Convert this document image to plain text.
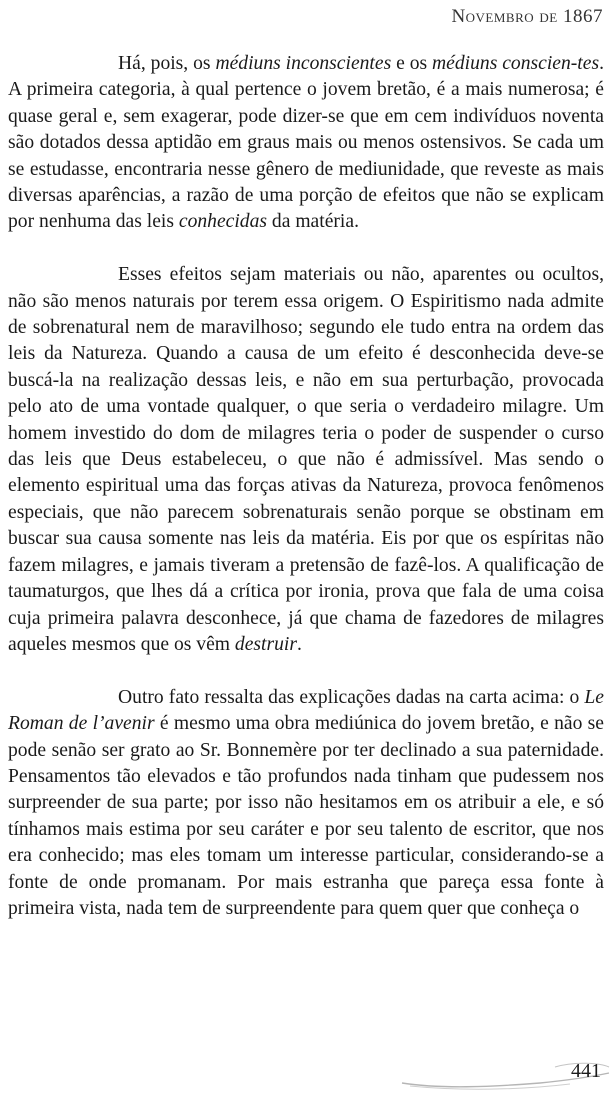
Novembro de 1867

Há, pois, os médiuns inconscientes e os médiuns conscien-tes. A primeira categoria, à qual pertence o jovem bretão, é a mais numerosa; é quase geral e, sem exagerar, pode dizer-se que em cem indivíduos noventa são dotados dessa aptidão em graus mais ou menos ostensivos. Se cada um se estudasse, encontraria nesse gênero de mediunidade, que reveste as mais diversas aparências, a razão de uma porção de efeitos que não se explicam por nenhuma das leis conhecidas da matéria.

Esses efeitos sejam materiais ou não, aparentes ou ocultos, não são menos naturais por terem essa origem. O Espiritismo nada admite de sobrenatural nem de maravilhoso; segundo ele tudo entra na ordem das leis da Natureza. Quando a causa de um efeito é desconhecida deve-se buscá-la na realização dessas leis, e não em sua perturbação, provocada pelo ato de uma vontade qualquer, o que seria o verdadeiro milagre. Um homem investido do dom de milagres teria o poder de suspender o curso das leis que Deus estabeleceu, o que não é admissível. Mas sendo o elemento espiritual uma das forças ativas da Natureza, provoca fenômenos especiais, que não parecem sobrenaturais senão porque se obstinam em buscar sua causa somente nas leis da matéria. Eis por que os espíritas não fazem milagres, e jamais tiveram a pretensão de fazê-los. A qualificação de taumaturgos, que lhes dá a crítica por ironia, prova que fala de uma coisa cuja primeira palavra desconhece, já que chama de fazedores de milagres aqueles mesmos que os vêm destruir.

Outro fato ressalta das explicações dadas na carta acima: o Le Roman de l’avenir é mesmo uma obra mediúnica do jovem bretão, e não se pode senão ser grato ao Sr. Bonnemère por ter declinado a sua paternidade. Pensamentos tão elevados e tão profundos nada tinham que pudessem nos surpreender de sua parte; por isso não hesitamos em os atribuir a ele, e só tínhamos mais estima por seu caráter e por seu talento de escritor, que nos era conhecido; mas eles tomam um interesse particular, considerando-se a fonte de onde promanam. Por mais estranha que pareça essa fonte à primeira vista, nada tem de surpreendente para quem quer que conheça o

441
